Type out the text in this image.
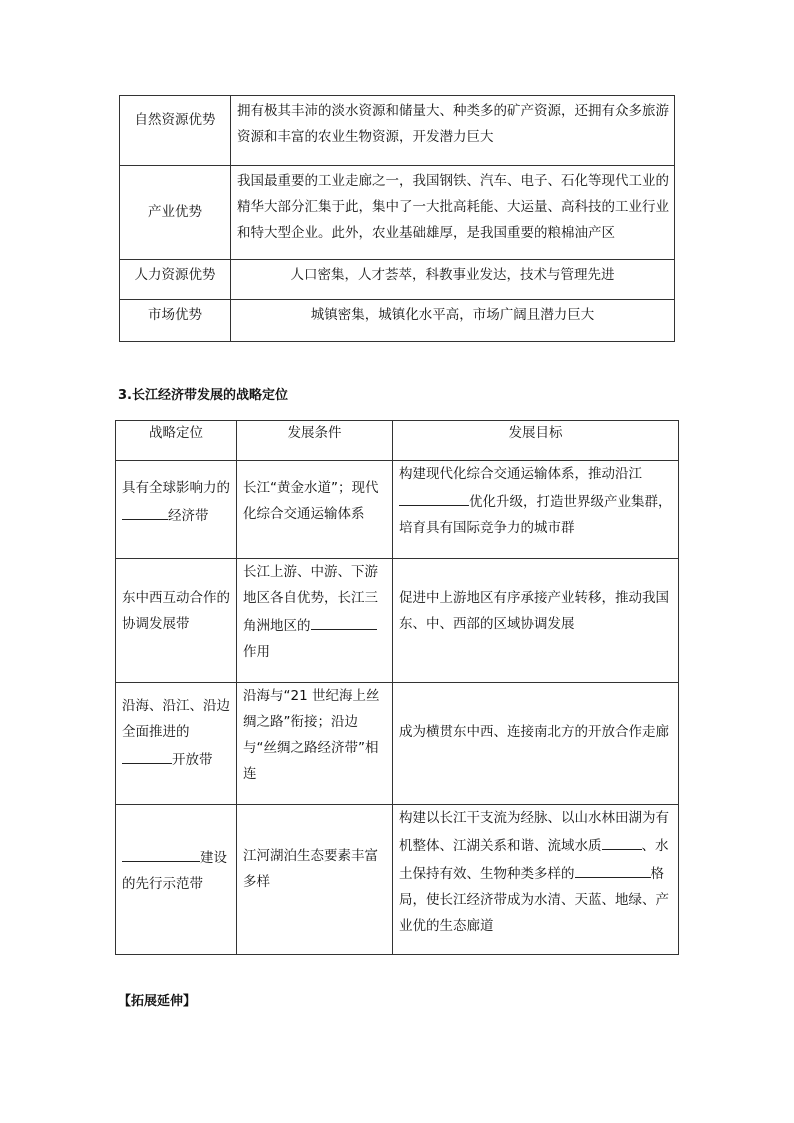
自然资源优势	拥有极其丰沛的淡水资源和储量大、种类多的矿产资源，还拥有众多旅游资源和丰富的农业生物资源，开发潜力巨大

产业优势	我国最重要的工业走廊之一，我国钢铁、汽车、电子、石化等现代工业的精华大部分汇集于此，集中了一大批高耗能、大运量、高科技的工业行业和特大型企业。此外，农业基础雄厚，是我国重要的粮棉油产区

人力资源优势	人口密集，人才荟萃，科教事业发达，技术与管理先进

市场优势	城镇密集，城镇化水平高，市场广阔且潜力巨大
3.长江经济带发展的战略定位
战略定位	发展条件	发展目标

具有全球影响力的经济带	长江“黄金水道”；现代化综合交通运输体系	构建现代化综合交通运输体系，推动沿江优化升级，打造世界级产业集群，培育具有国际竞争力的城市群

东中西互动合作的协调发展带	长江上游、中游、下游地区各自优势，长江三角洲地区的作用	促进中上游地区有序承接产业转移，推动我国东、中、西部的区域协调发展

沿海、沿江、沿边全面推进的开放带	沿海与“21 世纪海上丝绸之路”衔接；沿边与“丝绸之路经济带”相连	成为横贯东中西、连接南北方的开放合作走廊

建设的先行示范带	江河湖泊生态要素丰富多样	构建以长江干支流为经脉、以山水林田湖为有机整体、江湖关系和谐、流域水质 、水土保持有效、生物种类多样的 格局，使长江经济带成为水清、天蓝、地绿、产业优的生态廊道
【拓展延伸】
